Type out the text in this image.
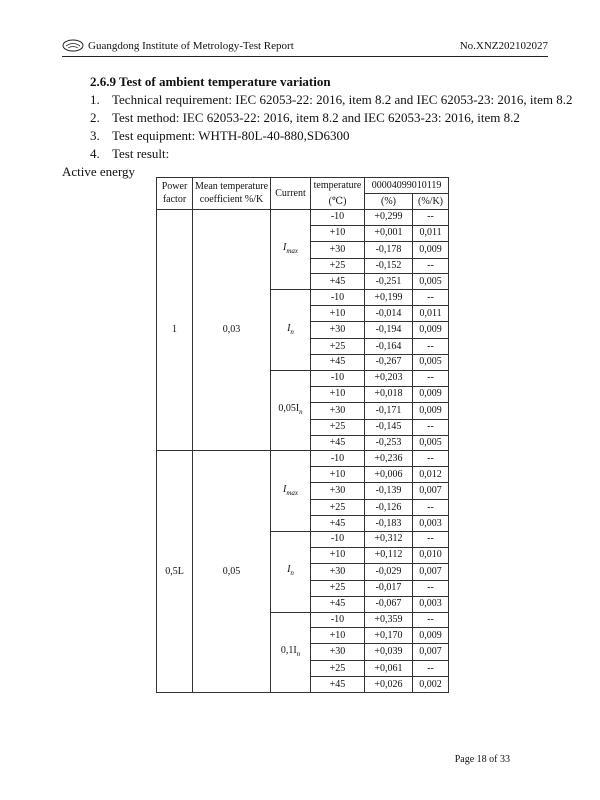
Guangdong Institute of Metrology-Test Report	No.XNZ202102027
2.6.9 Test of ambient temperature variation
1. Technical requirement: IEC 62053-22: 2016, item 8.2 and IEC 62053-23: 2016, item 8.2
2. Test method: IEC 62053-22: 2016, item 8.2 and IEC 62053-23: 2016, item 8.2
3. Test equipment: WHTH-80L-40-880,SD6300
4. Test result:
Active energy
Power
factor	Mean temperature
coefficient %/K	Current	temperature	00004099010119	
			(℃)	(%)	(%/K)
			-10	+0,299	--
			+10	+0,001	0,011
		$I_{max}$	+30	-0,178	0,009
			+25	-0,152	--
			+45	-0,251	0,005
			-10	+0,199	--
			+10	-0,014	0,011
1	0,03	$I_n$	+30	-0,194	0,009
			+25	-0,164	--
			+45	-0,267	0,005
			-10	+0,203	--
			+10	+0,018	0,009
		$0,05I_n$	+30	-0,171	0,009
			+25	-0,145	--
			+45	-0,253	0,005
			-10	+0,236	--
			+10	+0,006	0,012
		$I_{max}$	+30	-0,139	0,007
			+25	-0,126	--
			+45	-0,183	0,003
			-10	+0,312	--
			+10	+0,112	0,010
0,5L	0,05	$I_n$	+30	-0,029	0,007
			+25	-0,017	--
			+45	-0,067	0,003
			-10	+0,359	--
			+10	+0,170	0,009
		$0,1I_n$	+30	+0,039	0,007
			+25	+0,061	--
			+45	+0,026	0,002
Page 18 of 33
